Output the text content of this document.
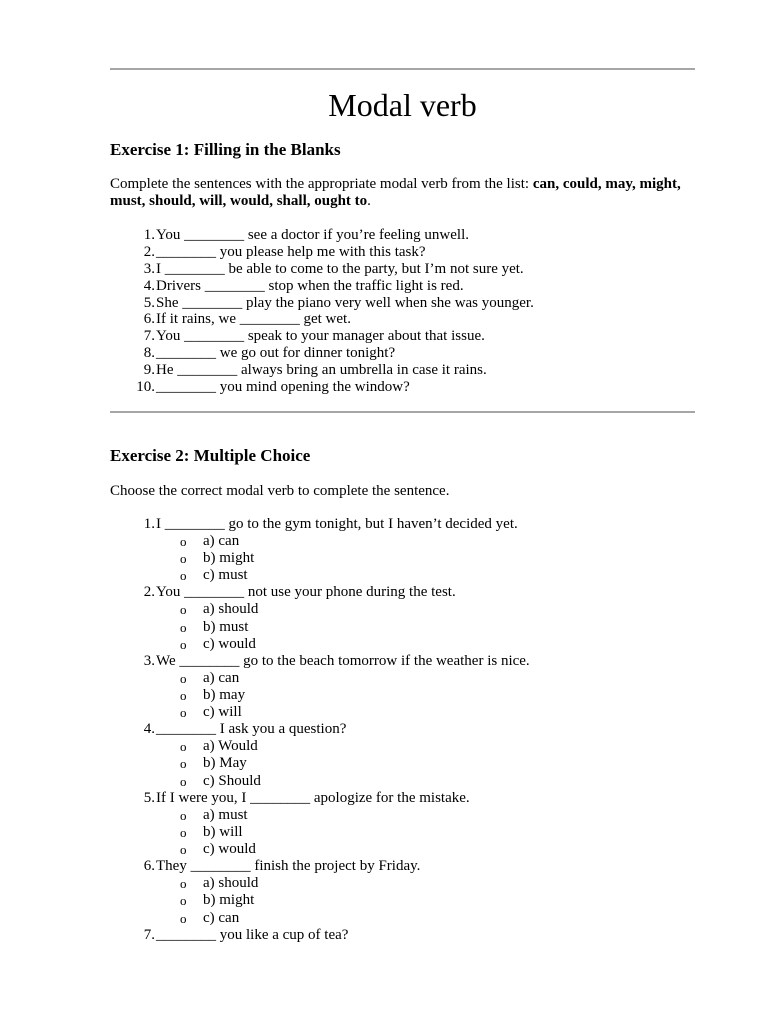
Modal verb
Exercise 1: Filling in the Blanks

Complete the sentences with the appropriate modal verb from the list: can, could, may, might, must, should, will, would, shall, ought to.

1. You ________ see a doctor if you’re feeling unwell.
2. ________ you please help me with this task?
3. I ________ be able to come to the party, but I’m not sure yet.
4. Drivers ________ stop when the traffic light is red.
5. She ________ play the piano very well when she was younger.
6. If it rains, we ________ get wet.
7. You ________ speak to your manager about that issue.
8. ________ we go out for dinner tonight?
9. He ________ always bring an umbrella in case it rains.
10. ________ you mind opening the window?
Exercise 2: Multiple Choice

Choose the correct modal verb to complete the sentence.

1. I ________ go to the gym tonight, but I haven’t decided yet.
o a) can
o b) might
o c) must
2. You ________ not use your phone during the test.
o a) should
o b) must
o c) would
3. We ________ go to the beach tomorrow if the weather is nice.
o a) can
o b) may
o c) will
4. ________ I ask you a question?
o a) Would
o b) May
o c) Should
5. If I were you, I ________ apologize for the mistake.
o a) must
o b) will
o c) would
6. They ________ finish the project by Friday.
o a) should
o b) might
o c) can
7. ________ you like a cup of tea?
